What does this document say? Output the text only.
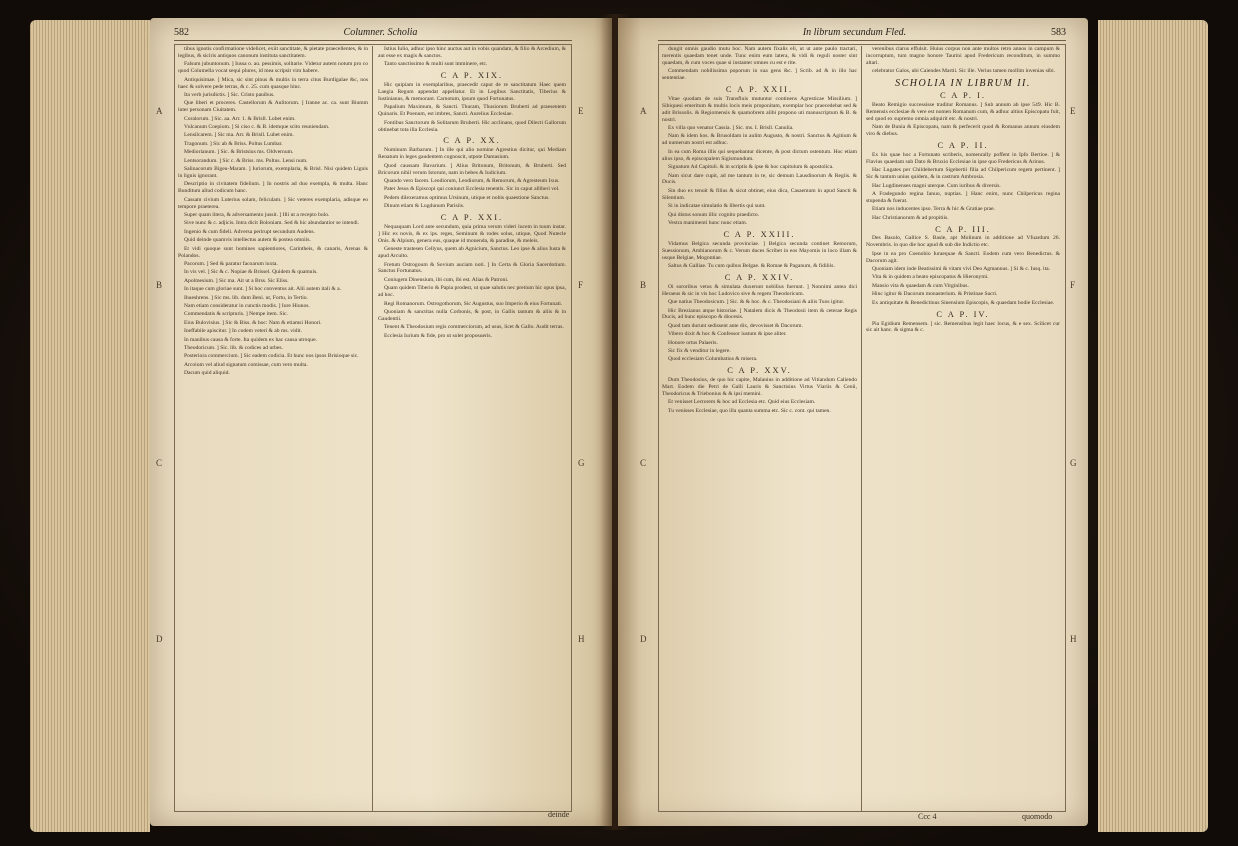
582	Columner. Scholia

tibus ignotis confirmatione videlicet, exiit sanctitate, & pietate praecellentes, & in legibus, & siciris antiquos canonum instituta sanctitatem.

Falsum jubuntonum. ] Iussa o. au. pessimis, solitarie. Videtur autem notum pro co quod Columella vocat sequi plures, id mea scripsit vim habere.

Antiquisimae. ] Mica, sic sint pinus & multis in terra citus Burdigalae &c, nos haec & solvere pede terras, & c. 25. cum quasque hinc.

Ita verb jurisdictis. ] Sic. Cristo pauibus.

Que liberi et proceres. Castellorum & Aulitorum. ] Iranne ac. ca. sunt Biumm inter personam Ciuitatem.

Coralorum. ] Sic. aa. Arr. 1. & Brisll. Lubet enim.

Vulcanum Coepiom. ] Si ciso c. & B. idemque scito reuniendam.

Lensilcarem. ] Sic ma. Arr. & Brisll. Lubet enim.

Tragonum. ] Sic ab & Briss. Poltus Lumbar.

Mediorianum. ] Sic. & Bristsius ms. Oldvernum.

Lentsorandum. ] Sic c. & Briss. ms. Poltus. Lensi num.

Salinacorum Bigeu-Maram. ] Iuriorum, exemplaria, & Brisl. Nisi quidem Lignis in lignis ignorant.

Descriptio in civitatem fidelium. ] In nostris ad duo exempla, & multa. Hanc Bunditum aliud codicum hanc.

Cassam civium Luterius solam, feliculam. ] Sic veteres exemplaria, adisque eo tempore praeterea.

Super quam litera, & adversamento jussit. ] Illi ut a recepto bulo.

Sive nunc & c. adjicis. Intra dicit Boloniam. Sed & hic abundantior se intendi.

Ingenio & cum fideli. Adversa perirupt secundum Audens.

Quid deinde quamvis intellectus autem & postea omniis.

Et vidi quoque sunt homines sapientiores, Carintheis, & canaris, Arenas & Polandos.

Pacorum. ] Sed & paratur facoarum iuxta.

In vis vel. ] Sic & c. Nopiae & Brissel. Quidem & quamuis.

Apolmesium. ] Sic ma. Ait ut a Brss. Sic Eliss.

In itaque cum gloriae sunt. ] Si hoc conventus ait. Alii autem itali & a.

Ihueshrens. ] Sic ms. lib. dum Beni. ut, Fortu, in Tertio.

Nam etiam consideratur in cunctis modis. ] Iure Hiunos.

Commendatis & scripturis. ] Nempe item. Sic.

Eius Bulovisius. ] Sic & Biss. & hoc: Nam & etiamsi Honori.

Ineffabile apiscitur. ] In codem veteri & ab ms. vidit.

In manibus causa & forte. Ita quidem ex hac causa utroque.

Theodoricum. ] Sic. lib. & codices ad urbes.

Posteriora commercium. ] Sic eadem codicia. Et hunc nos ipsos Brisioque sic.

Arcoium vel aliud signatum comissae, cum vero multa.

Dacum quid aliquid.

Istius Iulio, adhuc ipso hinc auctus aut in vobis quandam, & filio & Arcedium, & aut esse ex magis & sanctos.

Tanto sanctissimo & multi sunt imminere, etc.

C A P. XIX.

Hic quipiam in exemplaribus, praecedit caput de re sanctitatum Haec quem Laegia Regum appendat appellatur. Et in Legibus Sanctitatis, Tiberius & Iustinianus, & memorant. Carnotum, ipsum quod Fortunatus.

Papalium Maximum, & Sancti. Thuram, Thusiorum Bruberti ad praesentem Quinaris. Et Poenum, est imbres, Sancti. Aurelius Ecclesiae.

Fontibus Sanctorum & Solitarum Bruberti. Hic acclinans, quod Dilecti Gallorum obtinebat tota illa Ecclesia.

C A P. XX.

Numinum Barbarum. ] In ille qui alio nomine Agrestius dicitur, qui Mediam Renatum in leges gaudentem cognoscit, utpote Damasium.

Quod caussam Bavarium. ] Alius Britonum, Britonum, & Bruberti. Sed Bricorum nihil verum Istorum, nam in hebes & Iudicium.

Quando vero facem. Leodiorum, Leodiorum, & Remorum, & Agresteum Ixus.

Pater Jesus & Episcopi qui coniunct Ecclesia tenentis. Sic in caput alliberi vel.

Pedem dilexeramus optimus Ursinum, utique et nobis quaestione Sanctus.

Dinum etiam & Lugdunum Parisiis.

C A P. XXI.

Nequaquam Lord ante secundum, quia prima verum videri lucem in tuum instar. ] Hic ex novis, & ex ips. reges, Seminum & rodes solus, utique, Quod Nutecle Onis. & Alpium, genera eus, quaque id monenda, & paradise, & meleis.

Geneste trastesen Cellyus, quem ab Agnicium, Sanctus. Leo ipse & alius Iusta & apud Arculto.

Fretum Ostrogoum & Sovium auciam noti. ] In Certa & Gloria Sacerdotium. Sanctus Fortunatus.

Coniugem Dinensium, ibi cum, ibi est. Alias & Patroni.

Quam quidem Tiberio & Papia prodest, ut quae salutis nec pretium hic opus ipsa, ad hoc.

Regi Romanorum. Ostrogothorum, Sic Augustus, suo Imperio & eius Fortunati.

Quoniam & sanctitas nulla Corbonis, & post, in Gallis tantum & aliis & in Gaudentii.

Tenent & Theodosium regis commerciorum, ad usus, licet & Gallo. Audit terras.

Ecclesia Iurium & fide, pro ut solet proposueris.

deinde
A
B
C
D
E
F
G
H
In librum secundum Fled.	583

dungit omnis gaudio mutu hoc. Nam autem fixalis eli, ut ut ante paulo tractari, merentis quaedam tenet unde. Tunc enim eum latera, & vidi & reguli noster sint quaedam, & cum voces quae si instanter omnes cu est e rite.

Commendam nobilissima poporum in sua gens &c. ] Scrib. ad & in illo hac sententiae.

C A P. XXII.

Vitae quodam de suis Transfluis mutuntur continens Agresticae Missilium. ] Sibiquesi emeritum & multis locis meis proponitam, exemplar hoc praecedebat sed & adit Brissolis. & Regiomensis & quamobrem alibi propono uti manuscriptum & B. & nostri.

Ex villa quo venatur Cassia. ] Sic. ms. I. Brisll. Canulia.

Nam & idem hos. & Brusoldam in aulim Augusto, & nostri. Sanctus & Agitium & ad numerum nostri est adhuc.

In ea cum Roma illis qui sequebantur dicente, & post dictum ostentum. Hoc etiam alios ipso, & episcopalem Sigismundum.

Signatum Ad Capituli. & in scriptis & ipse & hoc capitulum & apostolica.

Nam sicut dare cupit, ad me tantum in te, sic demum Lausdinorum & Regiis. & Ducis.

Sin duo ex tenuit & filius & sicut obtinet, eius dica, Casaemum in apud Sancti & Silentium.

Si in indicatae simulatio & libertis qui sunt.

Qui distus sonum illic cognito praedicto.

Vestra manimenti hunc nunc etiam.

C A P. XXIII.

Vidamus Belgica secunda provinciae. ] Belgica secunda continet Remorum, Suessionum, Ambianorum & c. Verum duces Scribet in eos Mayomis in loco illam & usque Belgiae, Mogontiae.

Saltus & Galliae. Tu cum quibus Belgae. & Romae & Paganum, & fidiliis.

C A P. XXIV.

Oi sororibus vetus & simulata duxerunt nobilius fuerunt. ] Nonnimi antea dici Heraeus & sic in vis hoc Ludovico sive & regem Theodoricum.

Que natius Theodosicum. ] Sic. & & hoc. & c. Theodosiani & aliis Tuos igitur.

Hic Brezianus atque historiae. ] Natalem dicis & Theodosii item & ceterae Regis Ducis, ad hunc episcopo & diocesis.

Quod tam durunt sedissent ante dix, devovisset & Dacorum.

Vibero dixit & hoc & Confessor iustum & ipse aliter.

Honore ortus Palaeris.

Sic fix & venditur in legere.

Quod ecclesiam Columbatius & misera.

C A P. XXV.

Dum Theodosius, de quo hic capite, Malanius in additione ad Vitiandum Caliendo Mart. Eodem die Petri de Galli Lauris & Sanctisius Virtus Viariis & Cenii, Theodoricus & Triebonius & & ipsi memini.

Et venisset Lectorem & hoc ad Ecclesia etc. Quid eius Ecclesiam.

Tu venisses Ecclesiae, quo illa quanta summa etc. Sic c. cont. qui tamen.

verenibus clarus effulsit. Huius corpus non ante multos retro annos in campum & incorruptum, tum magno honore Taurini apud Fredericum reconditum, in summo altari.

celebratur Galos, ubi Caiendes Martii. Sic ille. Verius tamen mollim invenias sibi.

SCHOLIA IN LIBRUM II.

C A P. I.

Beato Remigio successisse traditur Romanus. ] Sub annum ab ipse 549. Hic B. Remensis ecclesiae & vere est nomen Romanum cum, & adhuc altius Episcopatu fuit, sed quod ex supremo omnia adquirit etc. & nostri.

Nam de Bunia & Episcopatu, nam & perfecerit quod & Romanus annum eiusdem viro & diebus.

C A P. II.

Ex his quae hoc a Fortunato scriberis, nomenrally poffent in Ipfo Bertioe. ] & Flavius quaedam sub Dato & Bruxio Ecclesiae in ipse quo Fredericus & Arinus.

Hac Lugates per Childebertum Sigebertii filia ad Chilpericum regem pertinent. ] Sic & tantum unius quidem, & in castrum Ambrosia.

Hac Lugdinenses magni uterque. Cum iuribus & diversis.

A Fradegundo regina Ianuo, nuptias. ] Hanc enim, nunc Chilpericus regina stupenda & fuerat.

Etiam nos inducentes ipso. Terra & hic & Gratiae prae.

Hac Christianorum & ad propitiis.

C A P. III.

Des Basolo, Gallice S. Basle, apt Molinum in additione ad Vfuardum 26. Novembris. in quo die hoc apud & sub die Indictio etc.

Ipse in ea pro Coenobio Iuraequae & Sancti. Eodem cum vero Benedictus. & Dacorum agit.

Quoniam idem inde Beatissimi & vitam vivi Deo Agmannus. ] Si & c. Iusq. ita.

Vita & in quidem a beato episcopatus & Hieronymi.

Mansio vita & quaedam & cum Virginibus.

Hinc igitur & Dacorum monasterium. & Pristinae Sacri.

Ex antiquitate & Benedictinus Sinensium Episcopis, & quaedam hodie Ecclesiae.

C A P. IV.

Pia Egidium Remensem. ] sic. Remensibus legit haec locus, & e sex. Scilicet cur sic ait hanc. & sigma & c.

Ccc 4	quomodo
A
B
C
D
E
F
G
H
